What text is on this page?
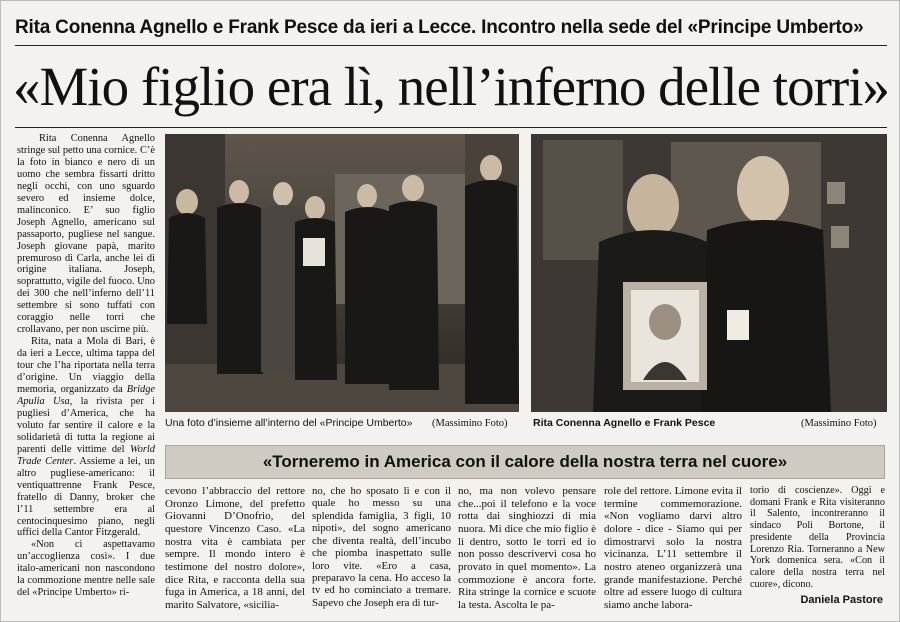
Rita Conenna Agnello e Frank Pesce da ieri a Lecce. Incontro nella sede del «Principe Umberto»
«Mio figlio era lì, nell’inferno delle torri»

Rita Conenna Agnello stringe sul petto una cornice. C’è la foto in bianco e nero di un uomo che sembra fissarti dritto negli occhi, con uno sguardo severo ed insieme dolce, malinconico. E’ suo figlio Joseph Agnello, americano sul passaporto, pugliese nel sangue. Joseph giovane papà, marito premuroso di Carla, anche lei di origine italiana. Joseph, soprattutto, vigile del fuoco. Uno dei 300 che nell’inferno dell’11 settembre si sono tuffati con coraggio nelle torri che crollavano, per non uscirne più.

Rita, nata a Mola di Bari, è da ieri a Lecce, ultima tappa del tour che l’ha riportata nella terra d’origine. Un viaggio della memoria, organizzato da Bridge Apulia Usa, la rivista per i pugliesi d’America, che ha voluto far sentire il calore e la solidarietà di tutta la regione ai parenti delle vittime del World Trade Center. Assieme a lei, un altro pugliese-americano: il ventiquattrenne Frank Pesce, fratello di Danny, broker che l’11 settembre era al centocinquesimo piano, negli uffici della Cantor Fitzgerald.

«Non ci aspettavamo un’accoglienza così». I due italo-americani non nascondono la commozione mentre nelle sale del «Principe Umberto» ri-

Una foto d’insieme all’interno del «Principe Umberto» (Massimino Foto) Rita Conenna Agnello e Frank Pesce	(Massimino Foto)
«Torneremo in America con il calore della nostra terra nel cuore»

cevono l’abbraccio del rettore Oronzo Limone, del prefetto Giovanni D’Onofrio, del questore Vincenzo Caso. «La nostra vita è cambiata per sempre. Il mondo intero è testimone del nostro dolore», dice Rita, e racconta della sua fuga in America, a 18 anni, del marito Salvatore, «sicilia-

no, che ho sposato lì e con il quale ho messo su una splendida famiglia, 3 figli, 10 nipoti», del sogno americano che diventa realtà, dell’incubo che piomba inaspettato sulle loro vite. «Ero a casa, preparavo la cena. Ho acceso la tv ed ho cominciato a tremare. Sapevo che Joseph era di tur-

no, ma non volevo pensare che...poi il telefono e la voce rotta dai singhiozzi di mia nuora. Mi dice che mio figlio è lì dentro, sotto le torri ed io non posso descrivervi cosa ho provato in quel momento». La commozione è ancora forte. Rita stringe la cornice e scuote la testa. Ascolta le pa-

role del rettore. Limone evita il termine commemorazione. «Non vogliamo darvi altro dolore - dice - Siamo qui per dimostrarvi solo la nostra vicinanza. L’11 settembre il nostro ateneo organizzerà una grande manifestazione. Perché oltre ad essere luogo di cultura siamo anche labora-

torio di coscienze». Oggi e domani Frank e Rita visiteranno il Salento, incontreranno il sindaco Poli Bortone, il presidente della Provincia Lorenzo Ria. Torneranno a New York domenica sera. «Con il calore della nostra terra nel cuore», dicono.

Daniela Pastore
